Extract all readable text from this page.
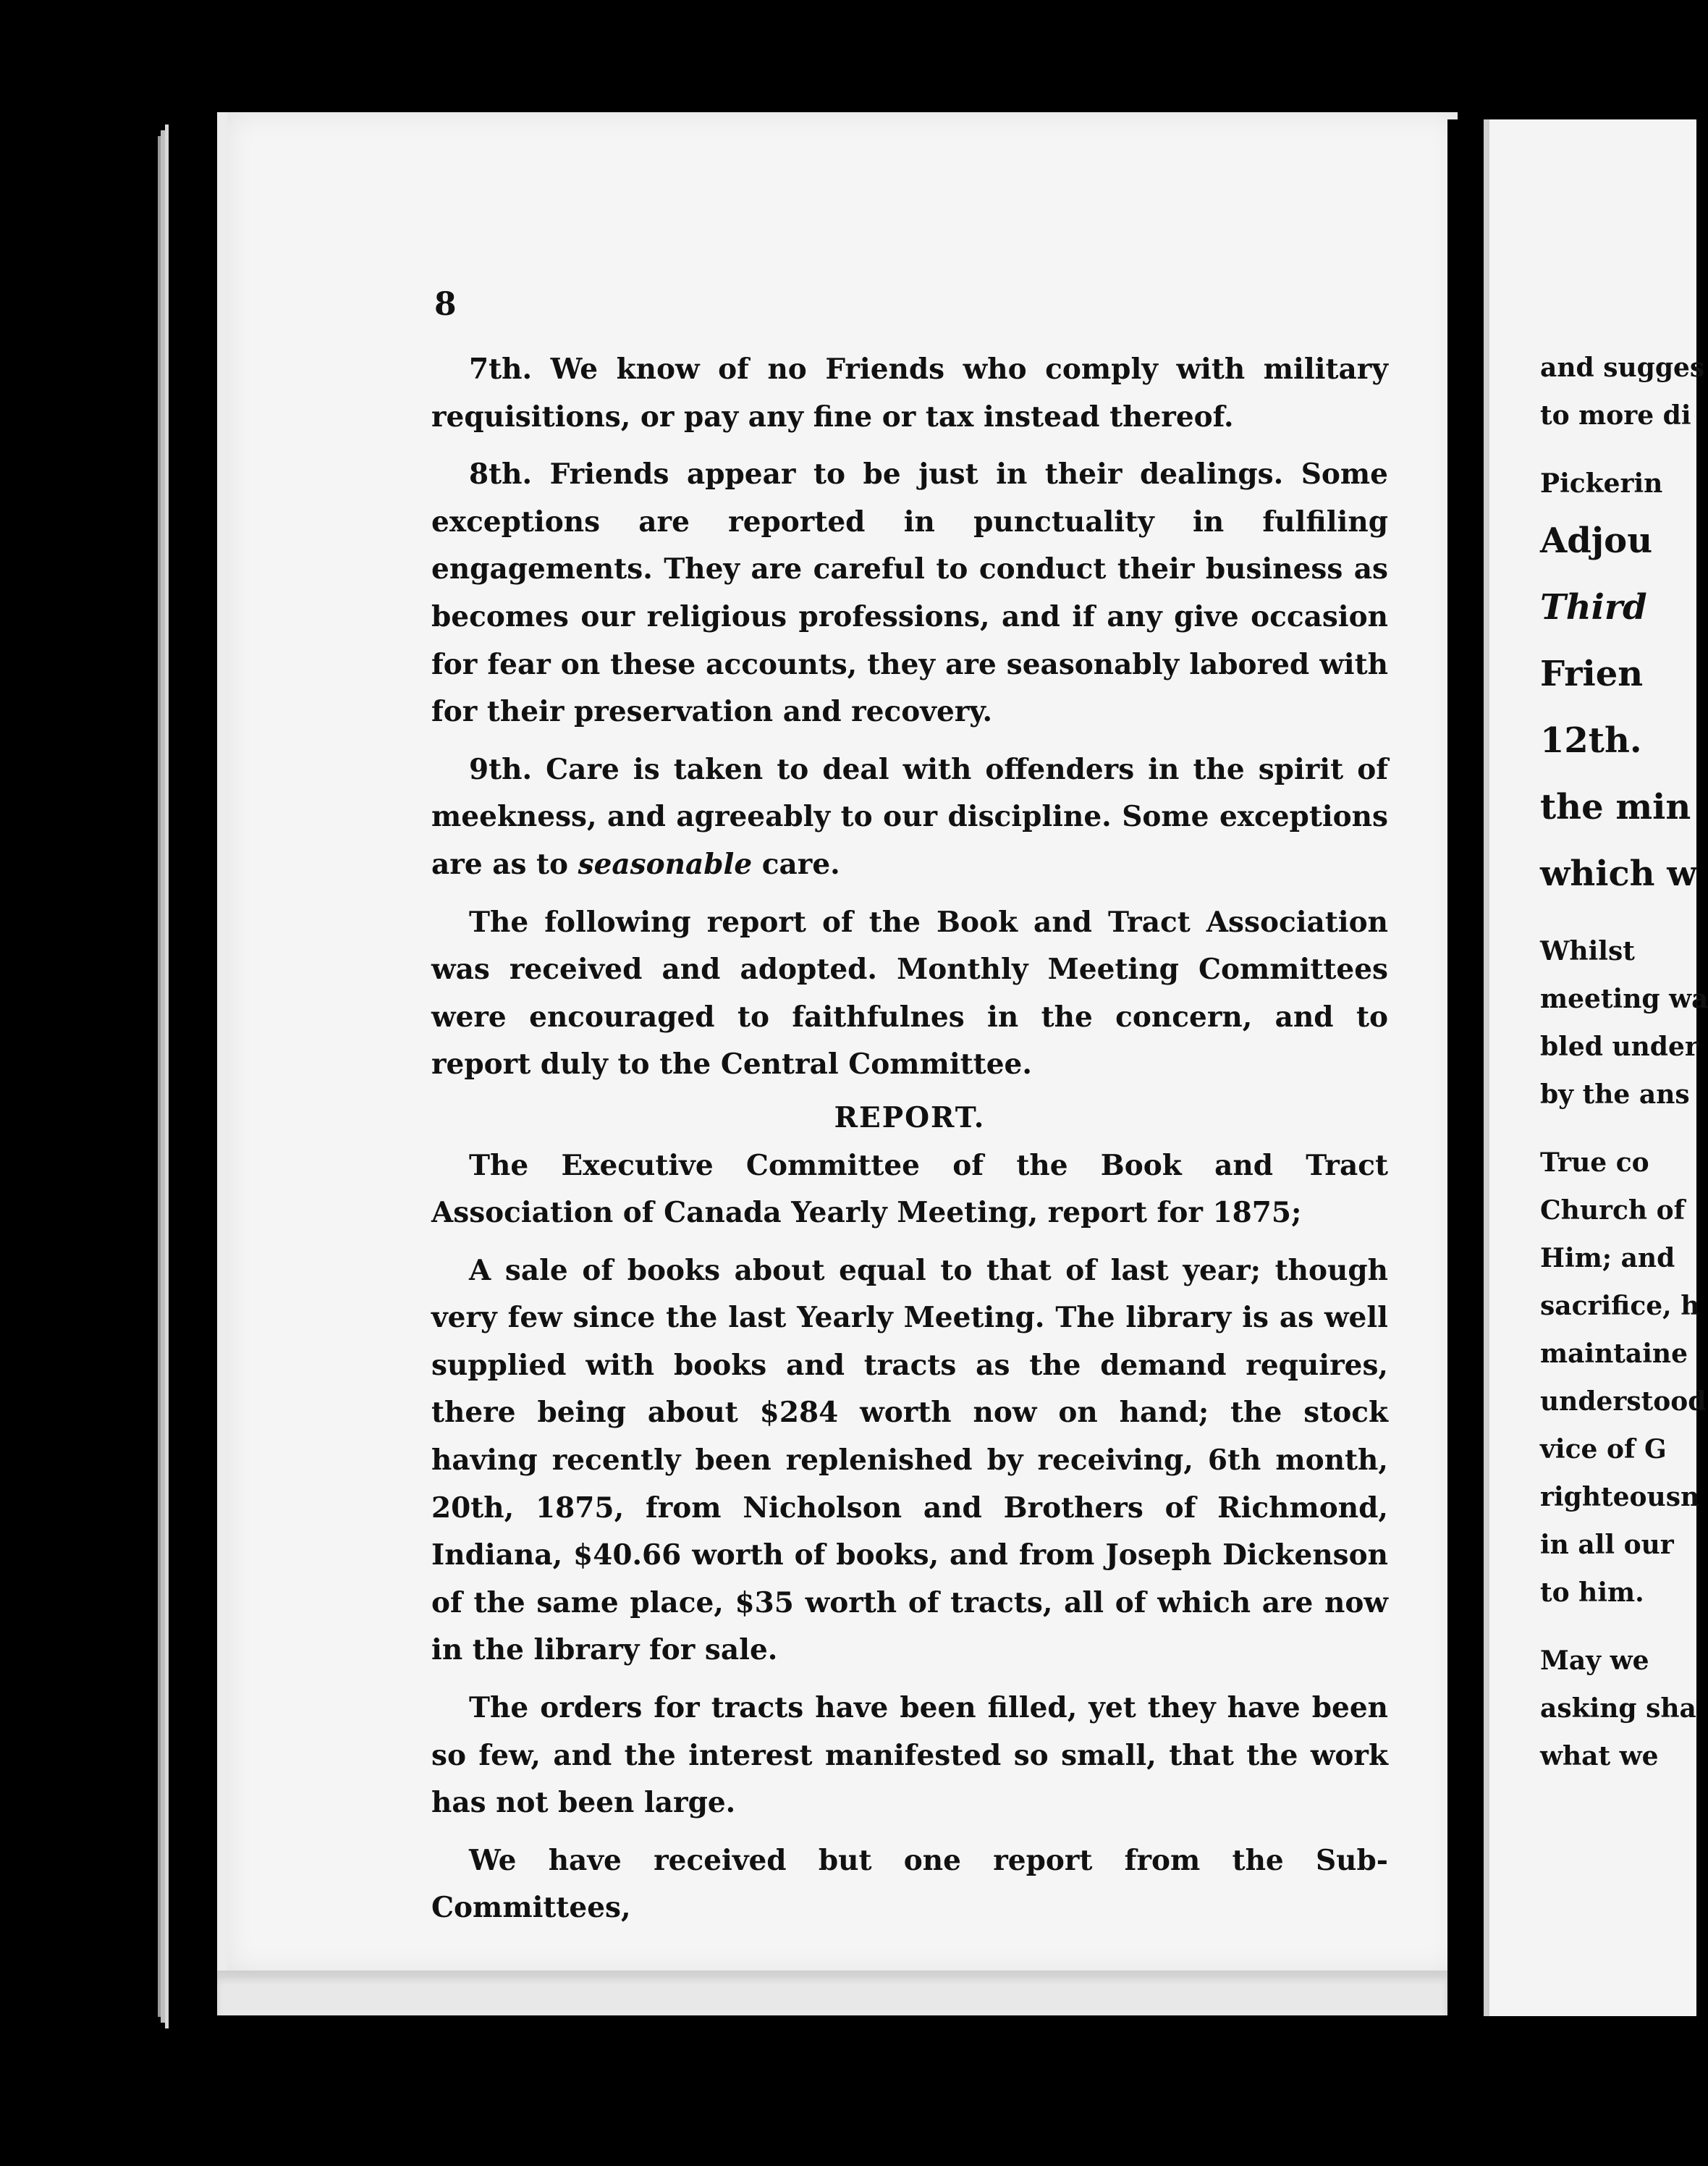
8

7th. We know of no Friends who comply with military requisitions, or pay any fine or tax instead thereof.

8th. Friends appear to be just in their dealings. Some exceptions are reported in punctuality in fulfiling engagements. They are careful to conduct their business as becomes our religious professions, and if any give occasion for fear on these accounts, they are seasonably labored with for their preservation and recovery.

9th. Care is taken to deal with offenders in the spirit of meekness, and agreeably to our discipline. Some exceptions are as to seasonable care.

The following report of the Book and Tract Association was received and adopted. Monthly Meeting Committees were encouraged to faithfulnes in the concern, and to report duly to the Central Committee.

REPORT.

The Executive Committee of the Book and Tract Association of Canada Yearly Meeting, report for 1875;

A sale of books about equal to that of last year; though very few since the last Yearly Meeting. The library is as well supplied with books and tracts as the demand requires, there being about $284 worth now on hand; the stock having recently been replenished by receiving, 6th month, 20th, 1875, from Nicholson and Brothers of Richmond, Indiana, $40.66 worth of books, and from Joseph Dickenson of the same place, $35 worth of tracts, all of which are now in the library for sale.

The orders for tracts have been filled, yet they have been so few, and the interest manifested so small, that the work has not been large.

We have received but one report from the Sub-Committees,

and sugges
to more di
Pickerin
Adjou
Third
Frien
12th.
the min
which w
Whilst
meeting wa
bled under
by the ans
True co
Church of
Him; and
sacrifice, h
maintaine
understood
vice of G
righteousn
in all our
to him.
May we
asking sha
what we
